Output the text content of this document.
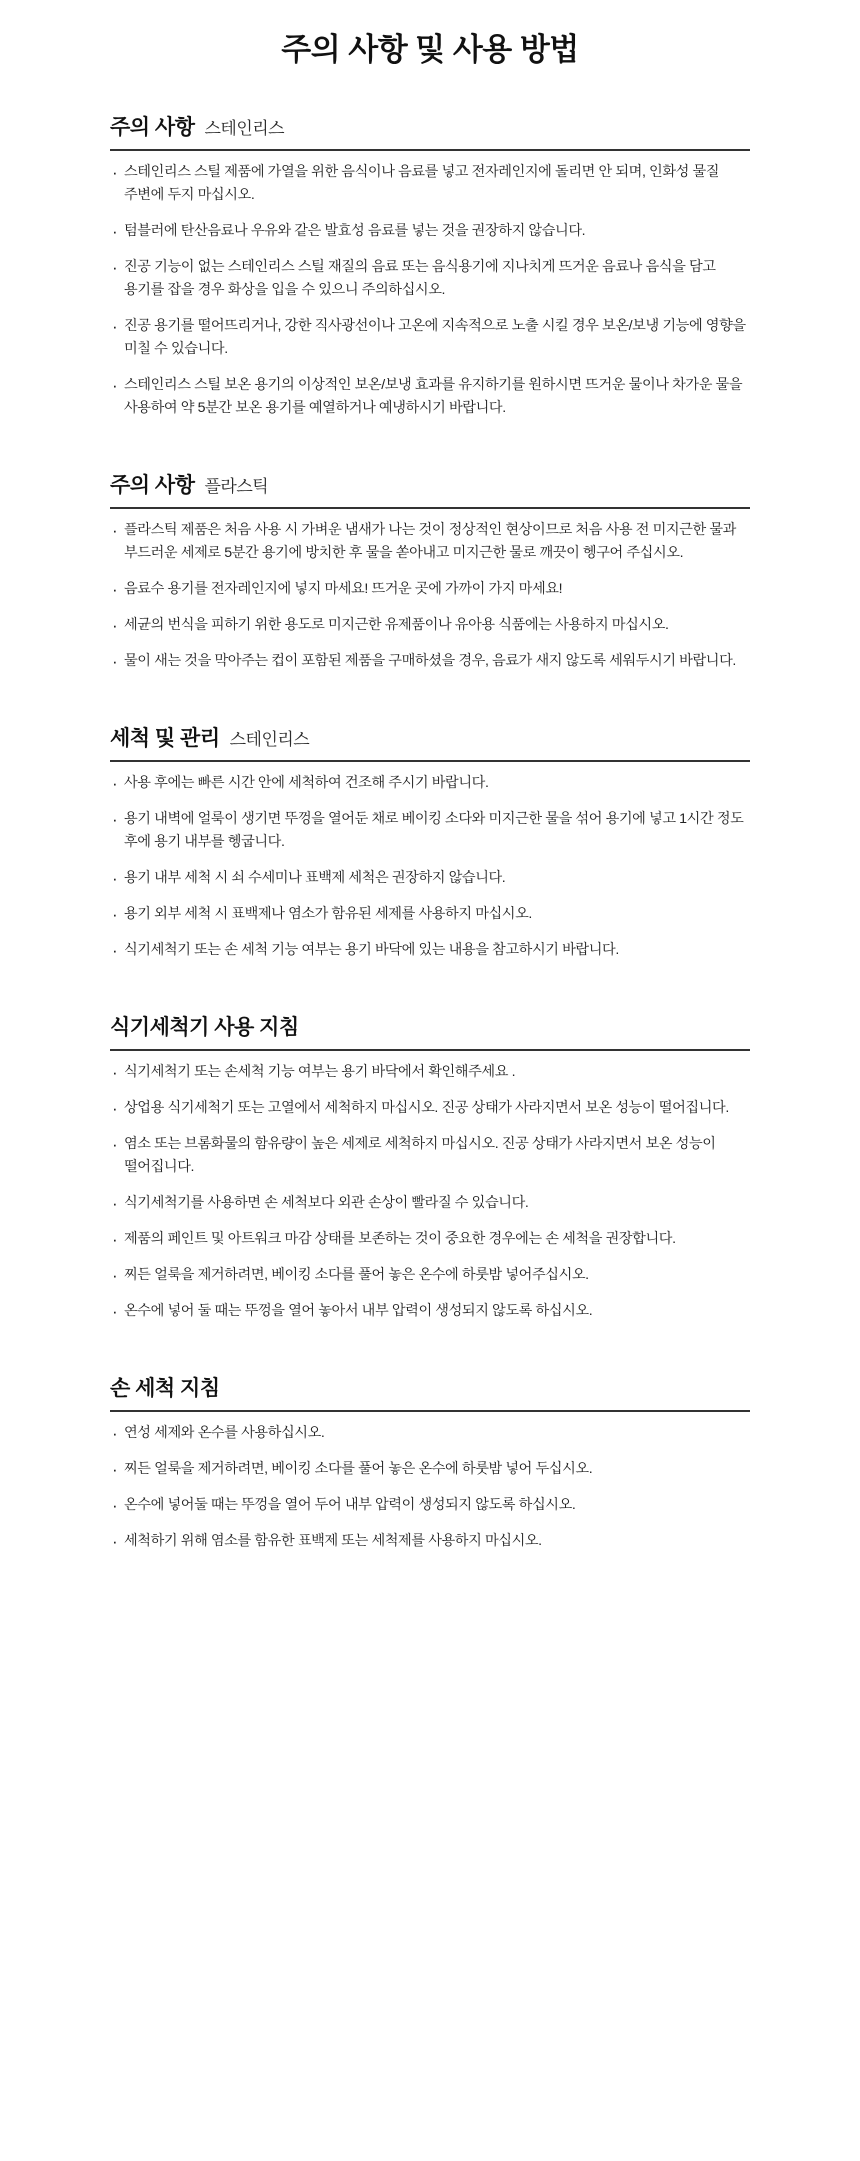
주의 사항 및 사용 방법
주의 사항 스테인리스
· 스테인리스 스틸 제품에 가열을 위한 음식이나 음료를 넣고 전자레인지에 돌리면 안 되며, 인화성 물질 주변에 두지 마십시오.
· 텀블러에 탄산음료나 우유와 같은 발효성 음료를 넣는 것을 권장하지 않습니다.
· 진공 기능이 없는 스테인리스 스틸 재질의 음료 또는 음식용기에 지나치게 뜨거운 음료나 음식을 담고 용기를 잡을 경우 화상을 입을 수 있으니 주의하십시오.
· 진공 용기를 떨어뜨리거나, 강한 직사광선이나 고온에 지속적으로 노출 시킬 경우 보온/보냉 기능에 영향을 미칠 수 있습니다.
· 스테인리스 스틸 보온 용기의 이상적인 보온/보냉 효과를 유지하기를 원하시면 뜨거운 물이나 차가운 물을 사용하여 약 5분간 보온 용기를 예열하거나 예냉하시기 바랍니다.
주의 사항 플라스틱
· 플라스틱 제품은 처음 사용 시 가벼운 냄새가 나는 것이 정상적인 현상이므로 처음 사용 전 미지근한 물과 부드러운 세제로 5분간 용기에 방치한 후 물을 쏟아내고 미지근한 물로 깨끗이 헹구어 주십시오.
· 음료수 용기를 전자레인지에 넣지 마세요! 뜨거운 곳에 가까이 가지 마세요!
· 세균의 번식을 피하기 위한 용도로 미지근한 유제품이나 유아용 식품에는 사용하지 마십시오.
· 물이 새는 것을 막아주는 컵이 포함된 제품을 구매하셨을 경우, 음료가 새지 않도록 세워두시기 바랍니다.
세척 및 관리 스테인리스
· 사용 후에는 빠른 시간 안에 세척하여 건조해 주시기 바랍니다.
· 용기 내벽에 얼룩이 생기면 뚜껑을 열어둔 채로 베이킹 소다와 미지근한 물을 섞어 용기에 넣고 1시간 정도 후에 용기 내부를 헹굽니다.
· 용기 내부 세척 시 쇠 수세미나 표백제 세척은 권장하지 않습니다.
· 용기 외부 세척 시 표백제나 염소가 함유된 세제를 사용하지 마십시오.
· 식기세척기 또는 손 세척 기능 여부는 용기 바닥에 있는 내용을 참고하시기 바랍니다.
식기세척기 사용 지침
· 식기세척기 또는 손세척 기능 여부는 용기 바닥에서 확인해주세요 .
· 상업용 식기세척기 또는 고열에서 세척하지 마십시오. 진공 상태가 사라지면서 보온 성능이 떨어집니다.
· 염소 또는 브롬화물의 함유량이 높은 세제로 세척하지 마십시오. 진공 상태가 사라지면서 보온 성능이 떨어집니다.
· 식기세척기를 사용하면 손 세척보다 외관 손상이 빨라질 수 있습니다.
· 제품의 페인트 및 아트워크 마감 상태를 보존하는 것이 중요한 경우에는 손 세척을 권장합니다.
· 찌든 얼룩을 제거하려면, 베이킹 소다를 풀어 놓은 온수에 하룻밤 넣어주십시오.
· 온수에 넣어 둘 때는 뚜껑을 열어 놓아서 내부 압력이 생성되지 않도록 하십시오.
손 세척 지침
· 연성 세제와 온수를 사용하십시오.
· 찌든 얼룩을 제거하려면, 베이킹 소다를 풀어 놓은 온수에 하룻밤 넣어 두십시오.
· 온수에 넣어둘 때는 뚜껑을 열어 두어 내부 압력이 생성되지 않도록 하십시오.
· 세척하기 위해 염소를 함유한 표백제 또는 세척제를 사용하지 마십시오.
